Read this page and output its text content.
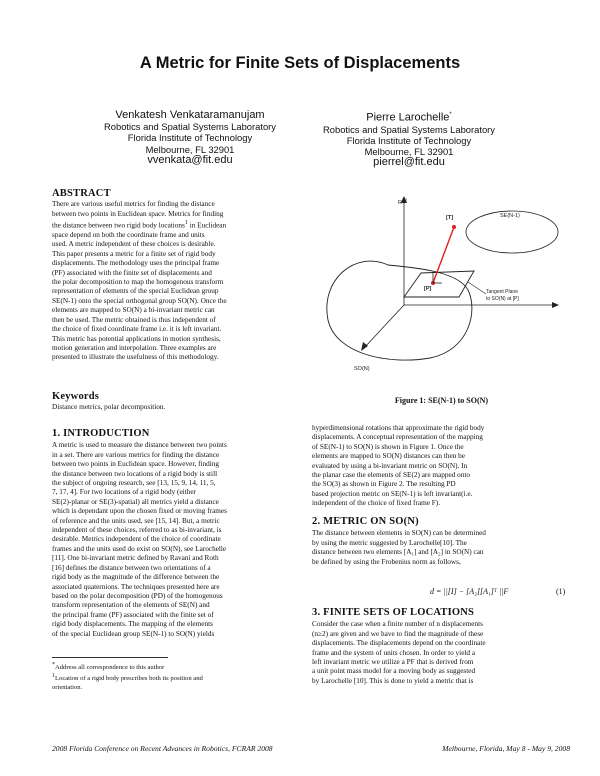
A Metric for Finite Sets of Displacements
Venkatesh Venkataramanujam
Robotics and Spatial Systems Laboratory
Florida Institute of Technology
Melbourne, FL 32901
vvenkata@fit.edu
Pierre Larochelle*
Robotics and Spatial Systems Laboratory
Florida Institute of Technology
Melbourne, FL 32901
pierrel@fit.edu
ABSTRACT

There are various useful metrics for finding the distance

between two points in Euclidean space. Metrics for finding

the distance between two rigid body locations$^1$ in Euclidean

space depend on both the coordinate frame and units

used. A metric independent of these choices is desirable.

This paper presents a metric for a finite set of rigid body

displacements. The methodology uses the principal frame

(PF) associated with the finite set of displacements and

the polar decomposition to map the homogenous transform

representation of elements of the special Euclidean group

SE(N-1) onto the special orthogonal group SO(N). Once the

elements are mapped to SO(N) a bi-invariant metric can

then be used. The metric obtained is thus independent of

the choice of fixed coordinate frame i.e. it is left invariant.

This metric has potential applications in motion synthesis,

motion generation and interpolation. Three examples are

presented to illustrate the usefulness of this methodology.

Keywords

Distance metrics, polar decomposition.

1. INTRODUCTION

A metric is used to measure the distance between two points

in a set. There are various metrics for finding the distance

between two points in Euclidean space. However, finding

the distance between two locations of a rigid body is still

the subject of ongoing research, see [13, 15, 9, 14, 11, 5,

7, 17, 4]. For two locations of a rigid body (either

SE(2)-planar or SE(3)-spatial) all metrics yield a distance

which is dependant upon the chosen fixed or moving frames

of reference and the units used, see [15, 14]. But, a metric

independent of these choices, referred to as bi-invariant, is

desirable. Metrics independent of the choice of coordinate

frames and the units used do exist on SO(N), see Larochelle

[11]. One bi-invariant metric defined by Ravani and Roth

[16] defines the distance between two orientations of a

rigid body as the magnitude of the difference between the

associated quaternions. The techniques presented here are

based on the polar decomposition (PD) of the homogenous

transform representation of the elements of SE(N) and

the principal frame (PF) associated with the finite set of

rigid body displacements. The mapping of the elements

of the special Euclidean group SE(N-1) to SO(N) yields

*Address all correspondence to this author

1Location of a rigid body prescribes both its position and

orientation.

$R^{N2}$
[T]	SE(N-1)
[P]	Tangent Plane
to SO(N) at [P]
SO(N)
Figure 1: SE(N-1) to SO(N)

hyperdimensional rotations that approximate the rigid body

displacements. A conceptual representation of the mapping

of SE(N-1) to SO(N) is shown in Figure 1. Once the

elements are mapped to SO(N) distances can then be

evaluated by using a bi-invariant metric on SO(N). In

the planar case the elements of SE(2) are mapped onto

the SO(3) as shown in Figure 2. The resulting PD

based projection metric on SE(N-1) is left invariant(i.e.

independent of the choice of fixed frame F).

2. METRIC ON SO(N)

The distance between elements in SO(N) can be determined

by using the metric suggested by Larochelle[10]. The

distance between two elements [A₁] and [A₂] in SO(N) can

be defined by using the Frobenius norm as follows,

d = ||[I] − [A₂][A₁]ᵀ ||F	(1)
3. FINITE SETS OF LOCATIONS

Consider the case when a finite number of n displacements

(n≥2) are given and we have to find the magnitude of these

displacements. The displacements depend on the coordinate

frame and the system of units chosen. In order to yield a

left invariant metric we utilize a PF that is derived from

a unit point mass model for a moving body as suggested

by Larochelle [10]. This is done to yield a metric that is

2008 Florida Conference on Recent Advances in Robotics, FCRAR 2008	Melbourne, Florida, May 8 - May 9, 2008
